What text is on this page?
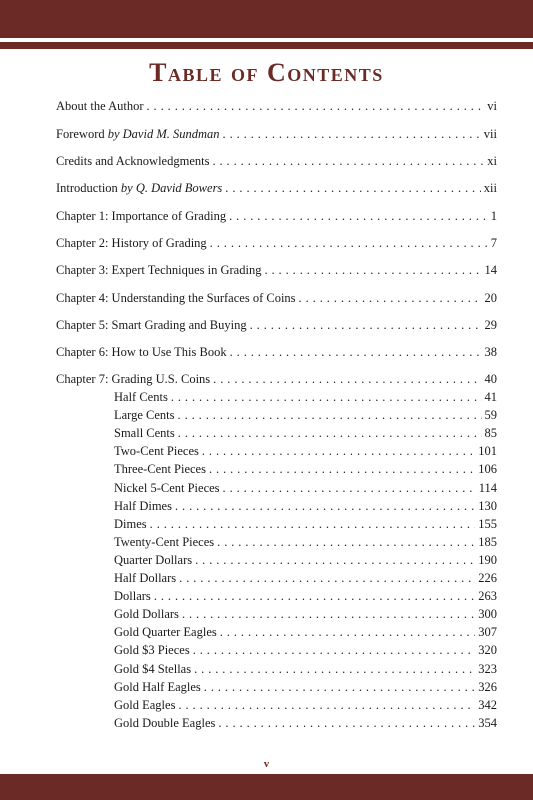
Table of Contents
About the Author . . .	vi
Foreword by David M. Sundman . . .	vii
Credits and Acknowledgments . . .	xi
Introduction by Q. David Bowers . . .	xii
Chapter 1: Importance of Grading . . .	1
Chapter 2: History of Grading . . .	7
Chapter 3: Expert Techniques in Grading . . .	14
Chapter 4: Understanding the Surfaces of Coins . . .	20
Chapter 5: Smart Grading and Buying . . .	29
Chapter 6: How to Use This Book . . .	38
Chapter 7: Grading U.S. Coins . . .	40
Half Cents . . .	41
Large Cents . . .	59
Small Cents . . .	85
Two-Cent Pieces . . .	101
Three-Cent Pieces . . .	106
Nickel 5-Cent Pieces . . .	114
Half Dimes . . .	130
Dimes . . .	155
Twenty-Cent Pieces . . .	185
Quarter Dollars . . .	190
Half Dollars . . .	226
Dollars . . .	263
Gold Dollars . . .	300
Gold Quarter Eagles . . .	307
Gold $3 Pieces . . .	320
Gold $4 Stellas . . .	323
Gold Half Eagles . . .	326
Gold Eagles . . .	342
Gold Double Eagles . . .	354
v
